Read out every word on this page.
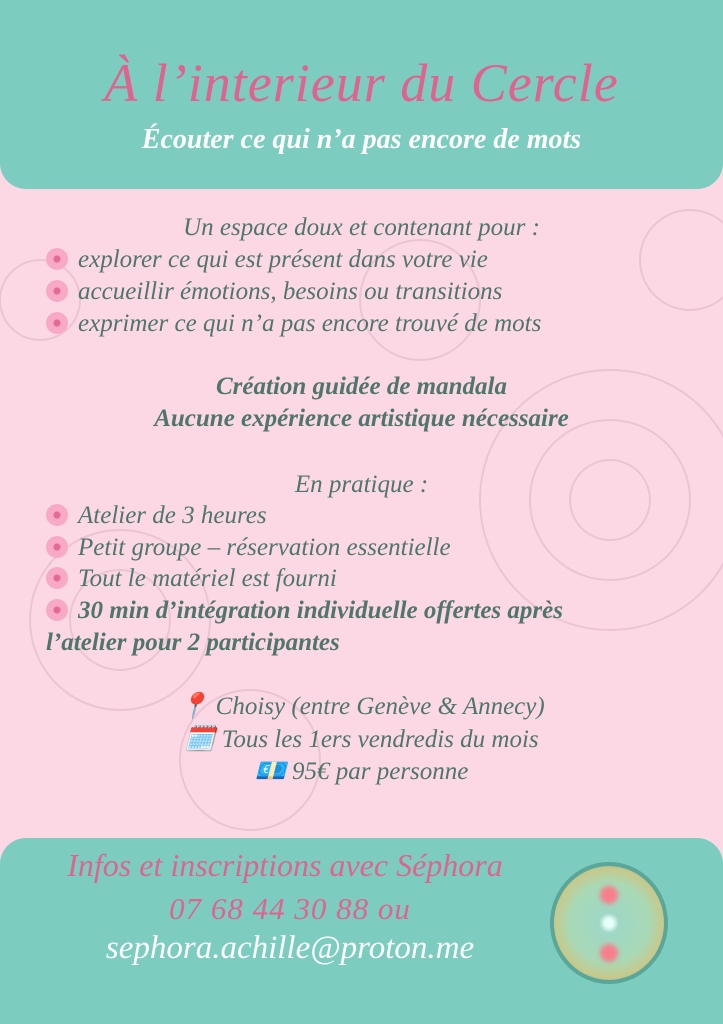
À l’interieur du Cercle
Écouter ce qui n’a pas encore de mots
Un espace doux et contenant pour :
explorer ce qui est présent dans votre vie
accueillir émotions, besoins ou transitions
exprimer ce qui n’a pas encore trouvé de mots
Création guidée de mandala
Aucune expérience artistique nécessaire
En pratique :
Atelier de 3 heures
Petit groupe – réservation essentielle
Tout le matériel est fourni
30 min d’intégration individuelle offertes après
l’atelier pour 2 participantes
📍 Choisy (entre Genève & Annecy)
🗓️ Tous les 1ers vendredis du mois
💶 95€ par personne
Infos et inscriptions avec Séphora
07 68 44 30 88 ou
sephora.achille@proton.me
